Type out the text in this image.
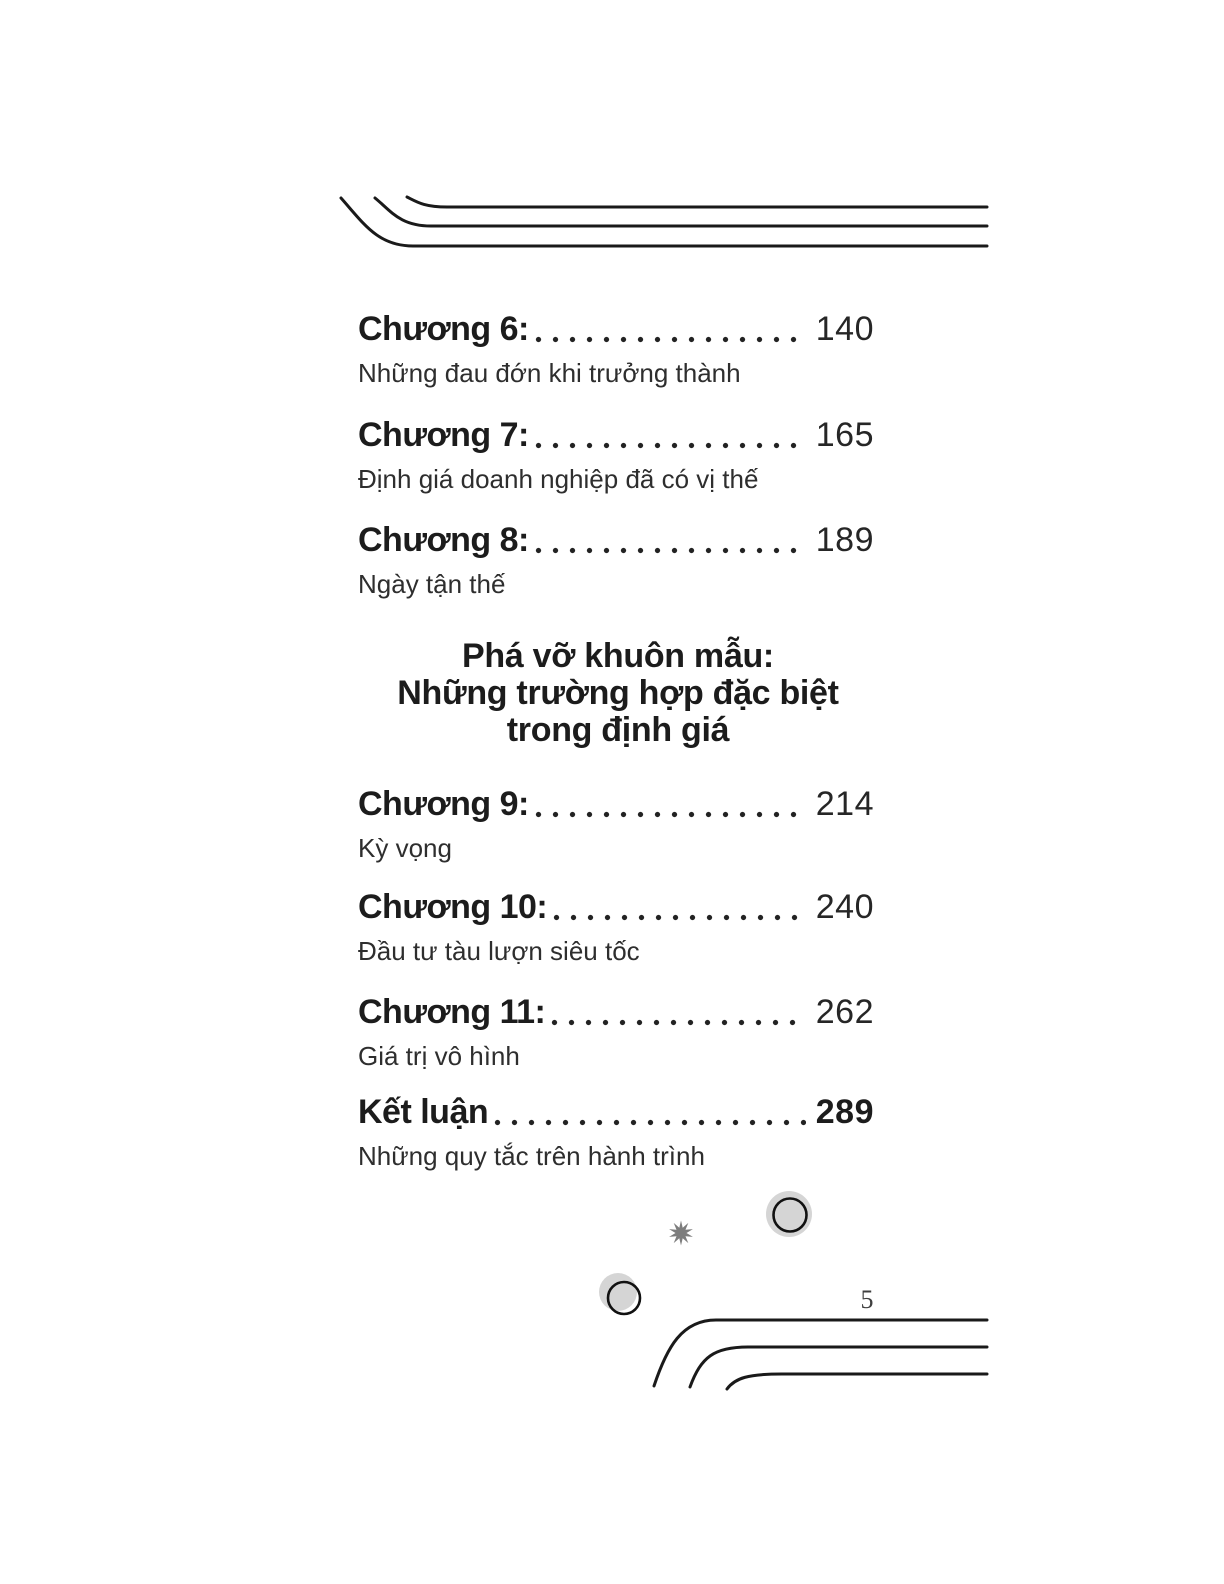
Chương 6:	140
Những đau đớn khi trưởng thành
Chương 7:	165
Định giá doanh nghiệp đã có vị thế
Chương 8:	189
Ngày tận thế
Phá vỡ khuôn mẫu:
Những trường hợp đặc biệt
trong định giá
Chương 9:	214
Kỳ vọng
Chương 10:	240
Đầu tư tàu lượn siêu tốc
Chương 11:	262
Giá trị vô hình
Kết luận	289
Những quy tắc trên hành trình
5
